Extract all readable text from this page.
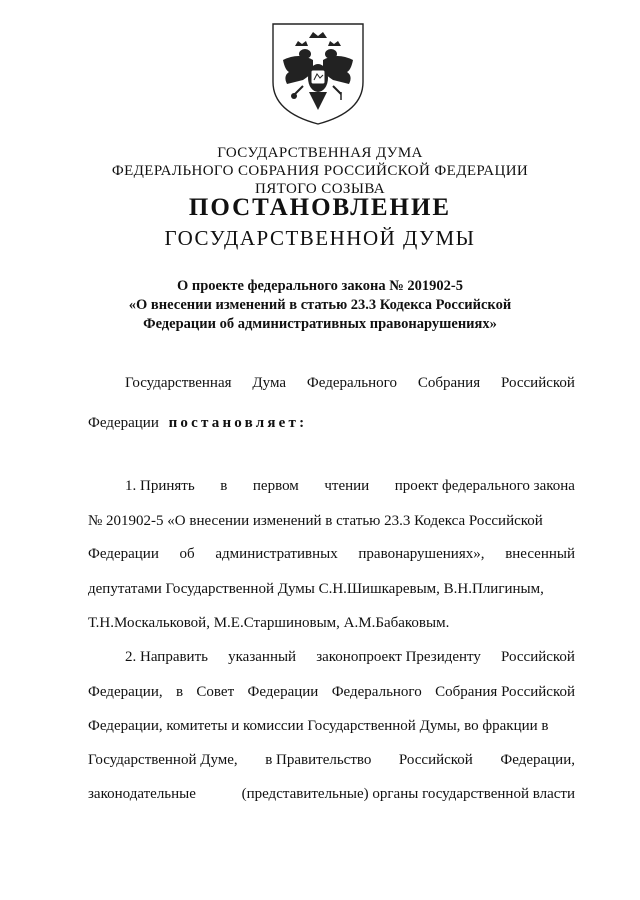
ГОСУДАРСТВЕННАЯ ДУМА
ФЕДЕРАЛЬНОГО СОБРАНИЯ РОССИЙСКОЙ ФЕДЕРАЦИИ
ПЯТОГО СОЗЫВА
ПОСТАНОВЛЕНИЕ
ГОСУДАРСТВЕННОЙ ДУМЫ
О проекте федерального закона № 201902-5
«О внесении изменений в статью 23.3 Кодекса Российской
Федерации об административных правонарушениях»
Государственная Дума Федерального Собрания Российской
Федерации постановляет:
1. Принять в первом чтении проект федерального закона
№ 201902-5 «О внесении изменений в статью 23.3 Кодекса Российской
Федерации об административных правонарушениях», внесенный
депутатами Государственной Думы С.Н.Шишкаревым, В.Н.Плигиным,
Т.Н.Москальковой, М.Е.Старшиновым, А.М.Бабаковым.
2. Направить указанный законопроект Президенту Российской
Федерации, в Совет Федерации Федерального Собрания Российской
Федерации, комитеты и комиссии Государственной Думы, во фракции в
Государственной Думе, в Правительство Российской Федерации,
законодательные	(представительные) органы государственной власти
